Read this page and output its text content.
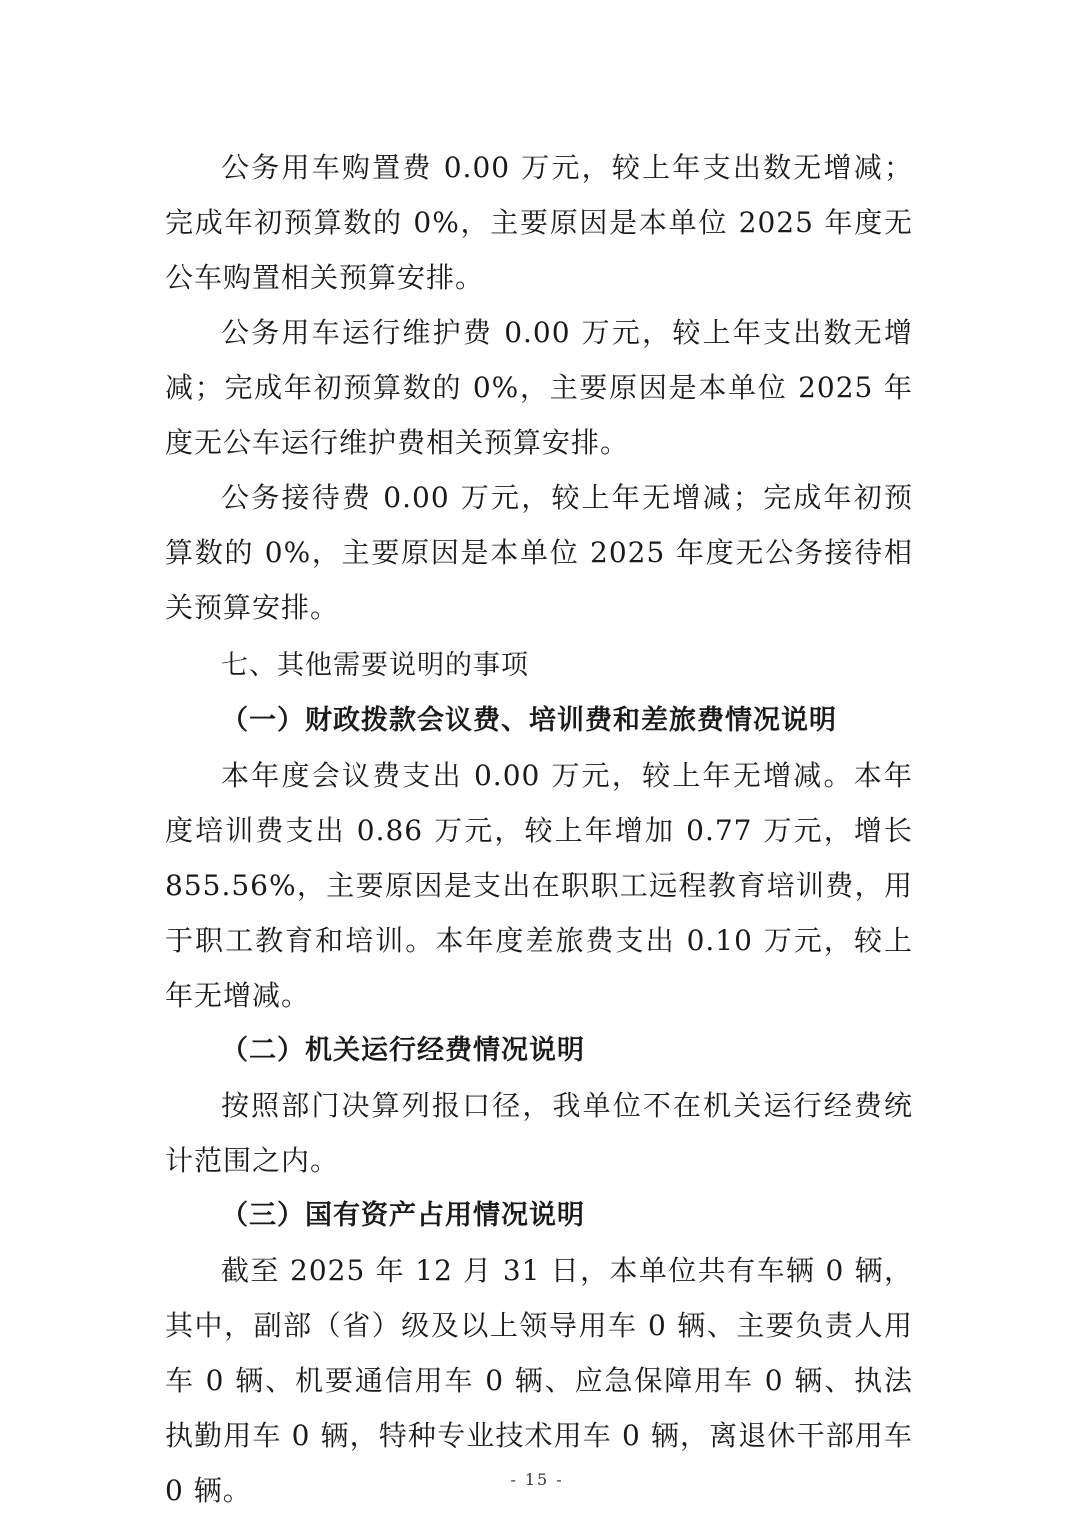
公务用车购置费 0.00 万元，较上年支出数无增减；完成年初预算数的 0%，主要原因是本单位 2025 年度无公车购置相关预算安排。

公务用车运行维护费 0.00 万元，较上年支出数无增减；完成年初预算数的 0%，主要原因是本单位 2025 年度无公车运行维护费相关预算安排。

公务接待费 0.00 万元，较上年无增减；完成年初预算数的 0%，主要原因是本单位 2025 年度无公务接待相关预算安排。

七、其他需要说明的事项

（一）财政拨款会议费、培训费和差旅费情况说明

本年度会议费支出 0.00 万元，较上年无增减。本年度培训费支出 0.86 万元，较上年增加 0.77 万元，增长 855.56%，主要原因是支出在职职工远程教育培训费，用于职工教育和培训。本年度差旅费支出 0.10 万元，较上年无增减。

（二）机关运行经费情况说明

按照部门决算列报口径，我单位不在机关运行经费统计范围之内。

（三）国有资产占用情况说明

截至 2025 年 12 月 31 日，本单位共有车辆 0 辆，其中，副部（省）级及以上领导用车 0 辆、主要负责人用车 0 辆、机要通信用车 0 辆、应急保障用车 0 辆、执法执勤用车 0 辆，特种专业技术用车 0 辆，离退休干部用车 0 辆。	- 15 -
